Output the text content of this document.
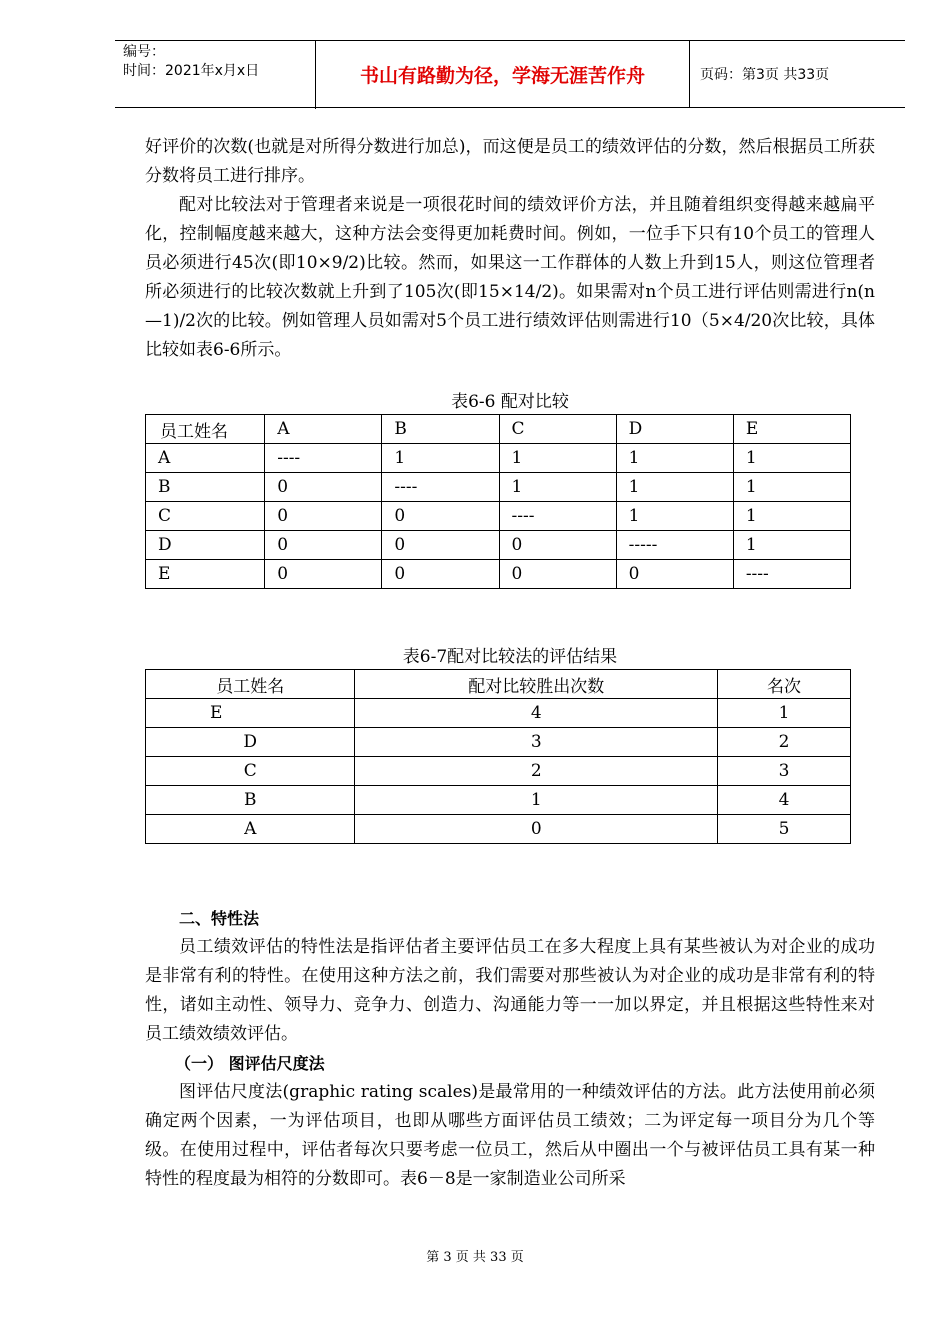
编号：
时间：2021年x月x日	书山有路勤为径，学海无涯苦作舟	页码：第3页 共33页

好评价的次数(也就是对所得分数进行加总)，而这便是员工的绩效评估的分数，然后根据员工所获分数将员工进行排序。

配对比较法对于管理者来说是一项很花时间的绩效评价方法，并且随着组织变得越来越扁平化，控制幅度越来越大，这种方法会变得更加耗费时间。例如，一位手下只有10个员工的管理人员必须进行45次(即10×9/2)比较。然而，如果这一工作群体的人数上升到15人，则这位管理者所必须进行的比较次数就上升到了105次(即15×14/2)。如果需对n个员工进行评估则需进行n(n—1)/2次的比较。例如管理人员如需对5个员工进行绩效评估则需进行10（5×4/20次比较，具体比较如表6-6所示。

表6-6 配对比较

员工姓名	A	B	C	D	E
A	----	1	1	1	1
B	0	----	1	1	1
C	0	0	----	1	1
D	0	0	0	-----	1
E	0	0	0	0	----

表6-7配对比较法的评估结果

员工姓名	配对比较胜出次数	名次
E	4	1
D	3	2
C	2	3
B	1	4
A	0	5

二、特性法

员工绩效评估的特性法是指评估者主要评估员工在多大程度上具有某些被认为对企业的成功是非常有利的特性。在使用这种方法之前，我们需要对那些被认为对企业的成功是非常有利的特性，诸如主动性、领导力、竞争力、创造力、沟通能力等一一加以界定，并且根据这些特性来对员工绩效绩效评估。

（一） 图评估尺度法

图评估尺度法(graphic rating scales)是最常用的一种绩效评估的方法。此方法使用前必须确定两个因素，一为评估项目，也即从哪些方面评估员工绩效；二为评定每一项目分为几个等级。在使用过程中，评估者每次只要考虑一位员工，然后从中圈出一个与被评估员工具有某一种特性的程度最为相符的分数即可。表6－8是一家制造业公司所采

第 3 页 共 33 页
